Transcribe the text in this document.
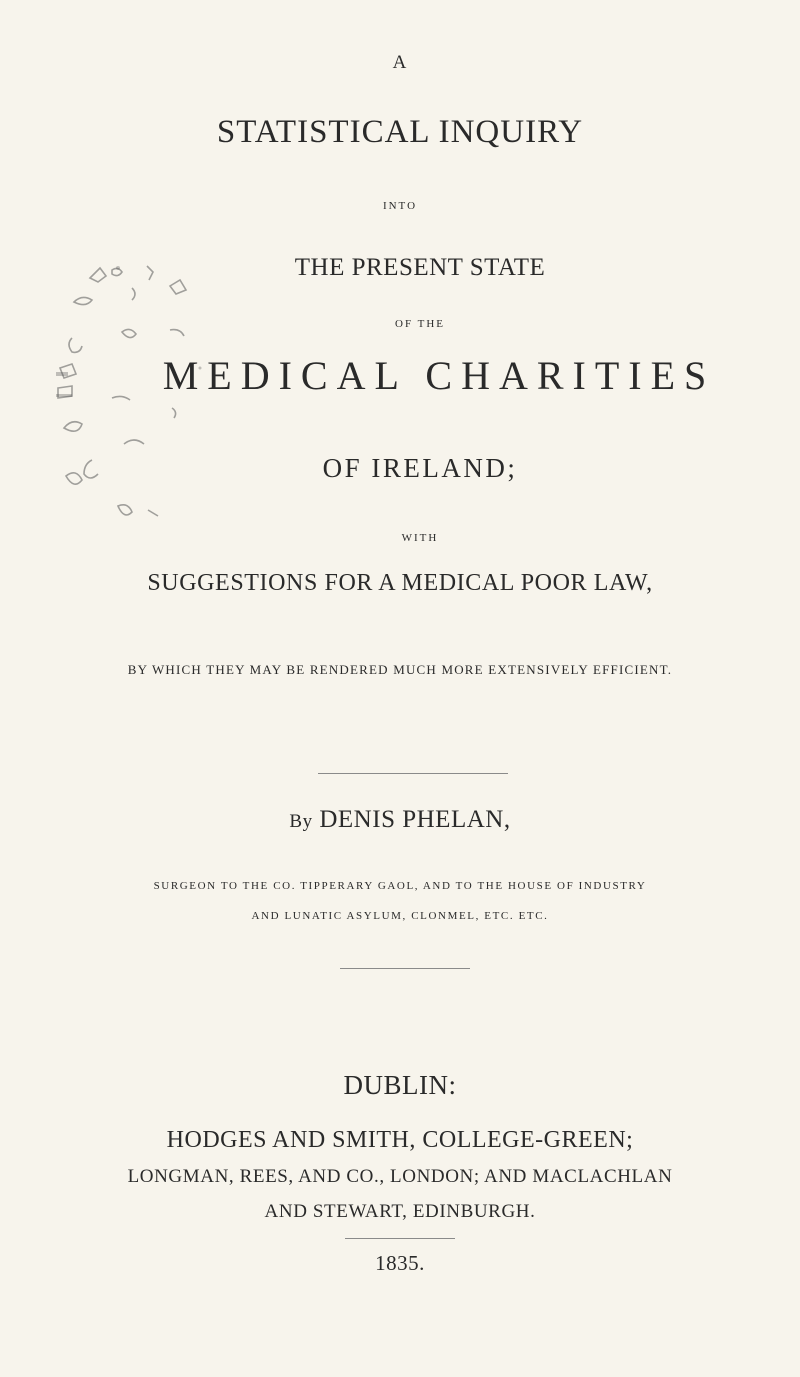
A

STATISTICAL INQUIRY

INTO

THE PRESENT STATE

OF THE

MEDICAL CHARITIES

OF IRELAND;

WITH

SUGGESTIONS FOR A MEDICAL POOR LAW,

BY WHICH THEY MAY BE RENDERED MUCH MORE EXTENSIVELY EFFICIENT.

By DENIS PHELAN,

SURGEON TO THE CO. TIPPERARY GAOL, AND TO THE HOUSE OF INDUSTRY

AND LUNATIC ASYLUM, CLONMEL, ETC. ETC.

DUBLIN:

HODGES AND SMITH, COLLEGE-GREEN;

LONGMAN, REES, AND CO., LONDON; AND MACLACHLAN

AND STEWART, EDINBURGH.

1835.
